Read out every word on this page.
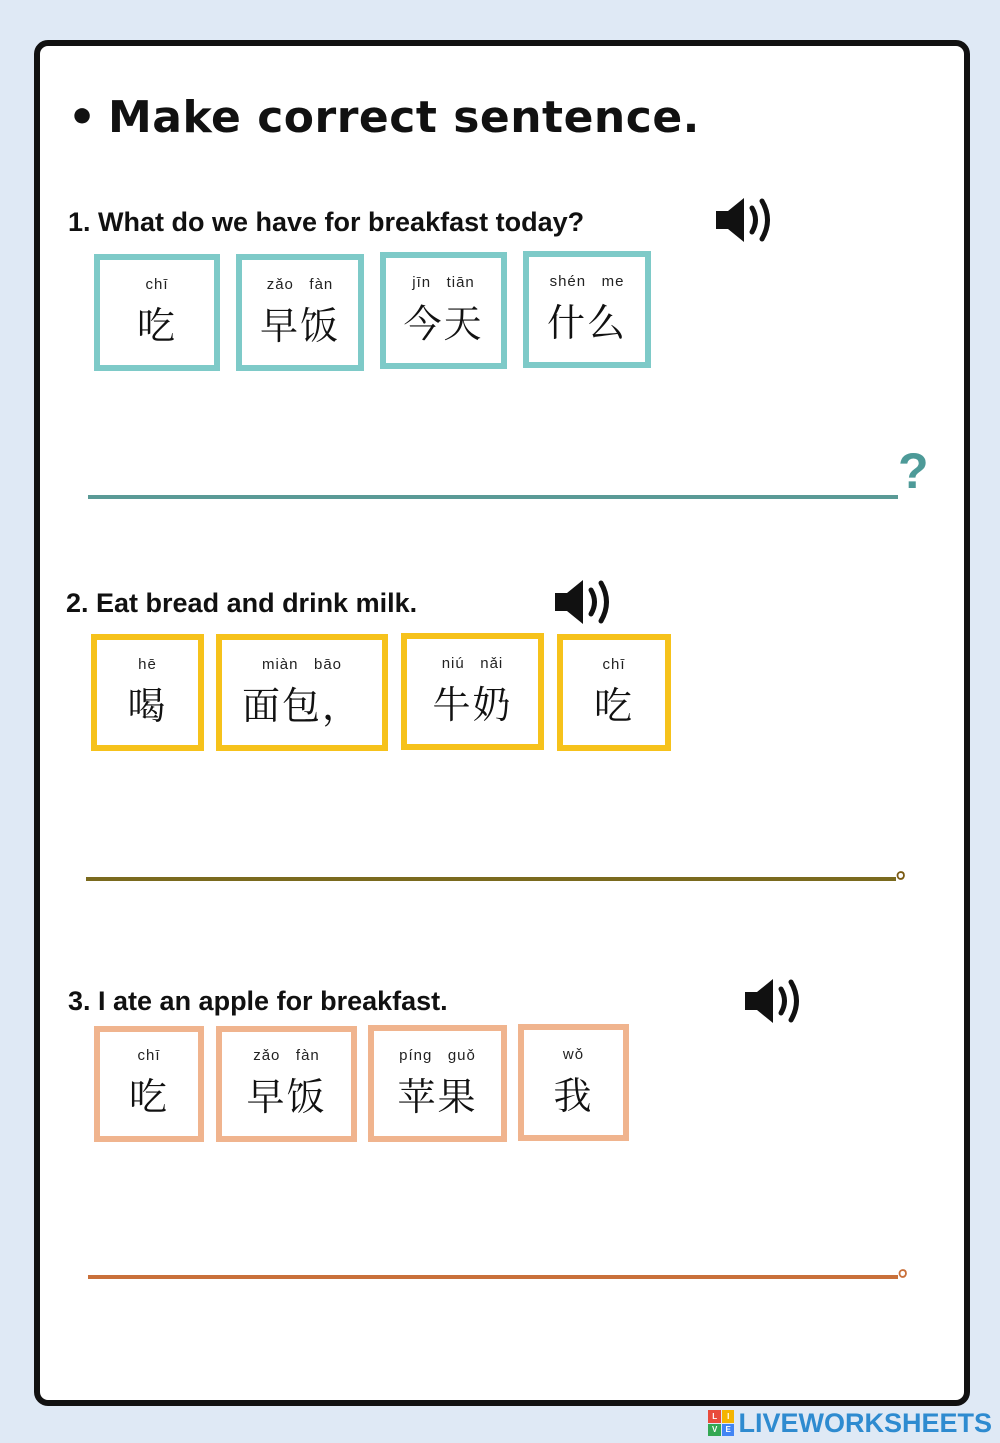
• Make correct sentence.
1. What do we have for breakfast today?
chī
吃
zǎo   fàn
早饭
jīn   tiān
今天
shén   me
什么
?
2. Eat bread and drink milk.
hē
喝
miàn   bāo
面包，
niú   nǎi
牛奶
chī
吃
。
3. I ate an apple for breakfast.
chī
吃
zǎo   fàn
早饭
píng   guǒ
苹果
wǒ
我
。
L	I
V	E LIVEWORKSHEETS
